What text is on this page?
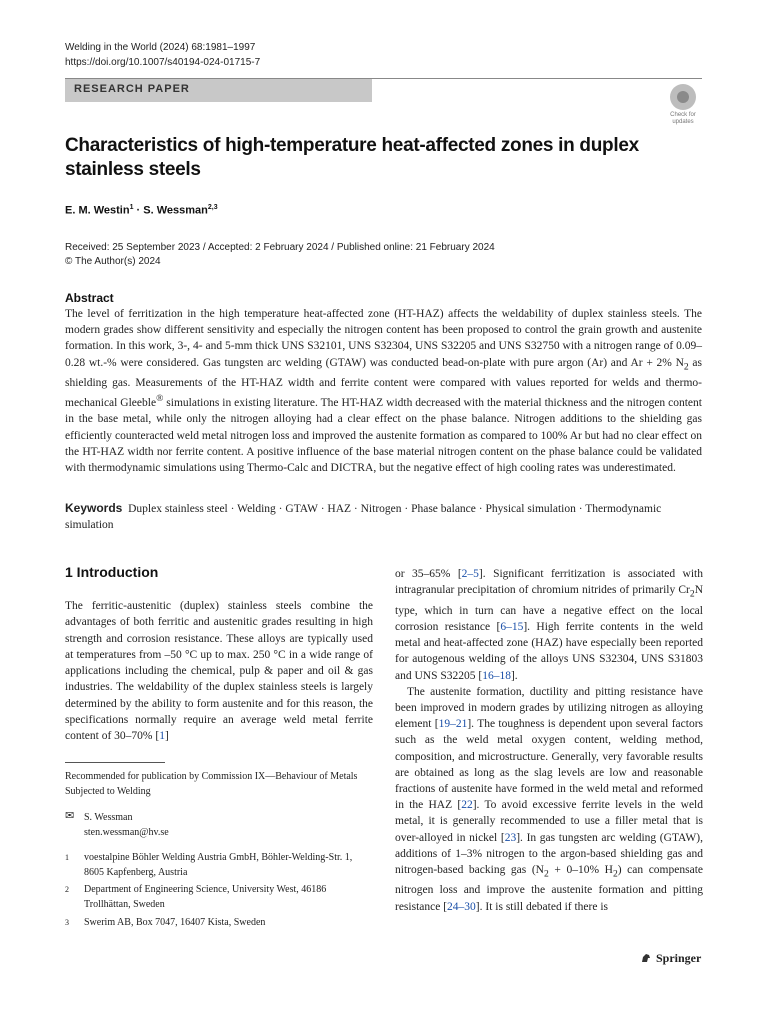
Welding in the World (2024) 68:1981–1997
https://doi.org/10.1007/s40194-024-01715-7
RESEARCH PAPER
Check for
updates
Characteristics of high-temperature heat-affected zones in duplex stainless steels
E. M. Westin$^1$ · S. Wessman$^{2,3}$
Received: 25 September 2023 / Accepted: 2 February 2024 / Published online: 21 February 2024
© The Author(s) 2024
Abstract
The level of ferritization in the high temperature heat-affected zone (HT-HAZ) affects the weldability of duplex stainless steels. The modern grades show different sensitivity and especially the nitrogen content has been proposed to control the grain growth and austenite formation. In this work, 3-, 4- and 5-mm thick UNS S32101, UNS S32304, UNS S32205 and UNS S32750 with a nitrogen range of 0.09–0.28 wt.-% were considered. Gas tungsten arc welding (GTAW) was conducted bead-on-plate with pure argon (Ar) and Ar + 2% $N_2$ as shielding gas. Measurements of the HT-HAZ width and ferrite content were compared with values reported for welds and thermo-mechanical Gleeble® simulations in existing literature. The HT-HAZ width decreased with the material thickness and the nitrogen content in the base metal, while only the nitrogen alloying had a clear effect on the phase balance. Nitrogen additions to the shielding gas efficiently counteracted weld metal nitrogen loss and improved the austenite formation as compared to 100% Ar but had no clear effect on the HT-HAZ width nor ferrite content. A positive influence of the base material nitrogen content on the phase balance could be validated with thermodynamic simulations using Thermo-Calc and DICTRA, but the negative effect of high cooling rates was underestimated.
Keywords Duplex stainless steel · Welding · GTAW · HAZ · Nitrogen · Phase balance · Physical simulation · Thermodynamic simulation
1 Introduction

The ferritic-austenitic (duplex) stainless steels combine the advantages of both ferritic and austenitic grades resulting in high strength and corrosion resistance. These alloys are typically used at temperatures from –50 °C up to max. 250 °C in a wide range of applications including the chemical, pulp & paper and oil & gas industries. The weldability of the duplex stainless steels is largely determined by the ability to form austenite and for this reason, the specifications normally require an average weld metal ferrite content of 30–70% [1]

or 35–65% [2–5]. Significant ferritization is associated with intragranular precipitation of chromium nitrides of primarily $Cr_2N$ type, which in turn can have a negative effect on the local corrosion resistance [6–15]. High ferrite contents in the weld metal and heat-affected zone (HAZ) have especially been reported for autogenous welding of the alloys UNS S32304, UNS S31803 and UNS S32205 [16–18].

The austenite formation, ductility and pitting resistance have been improved in modern grades by utilizing nitrogen as alloying element [19–21]. The toughness is dependent upon several factors such as the weld metal oxygen content, welding method, composition, and microstructure. Generally, very favorable results are obtained as long as the slag levels are low and reasonable fractions of austenite have formed in the weld metal and reformed in the HAZ [22]. To avoid excessive ferrite levels in the weld metal, it is generally recommended to use a filler metal that is over-alloyed in nickel [23]. In gas tungsten arc welding (GTAW), additions of 1–3% nitrogen to the argon-based shielding gas and nitrogen-based backing gas ($N_2 + 0-10\%$ $H_2$) can compensate nitrogen loss and improve the austenite formation and pitting resistance [24–30]. It is still debated if there is

Recommended for publication by Commission IX—Behaviour of Metals Subjected to Welding
✉ S. Wessman
sten.wessman@hv.se
1 voestalpine Böhler Welding Austria GmbH, Böhler-Welding-Str. 1, 8605 Kapfenberg, Austria
2 Department of Engineering Science, University West, 46186 Trollhättan, Sweden
3 Swerim AB, Box 7047, 16407 Kista, Sweden
Springer
